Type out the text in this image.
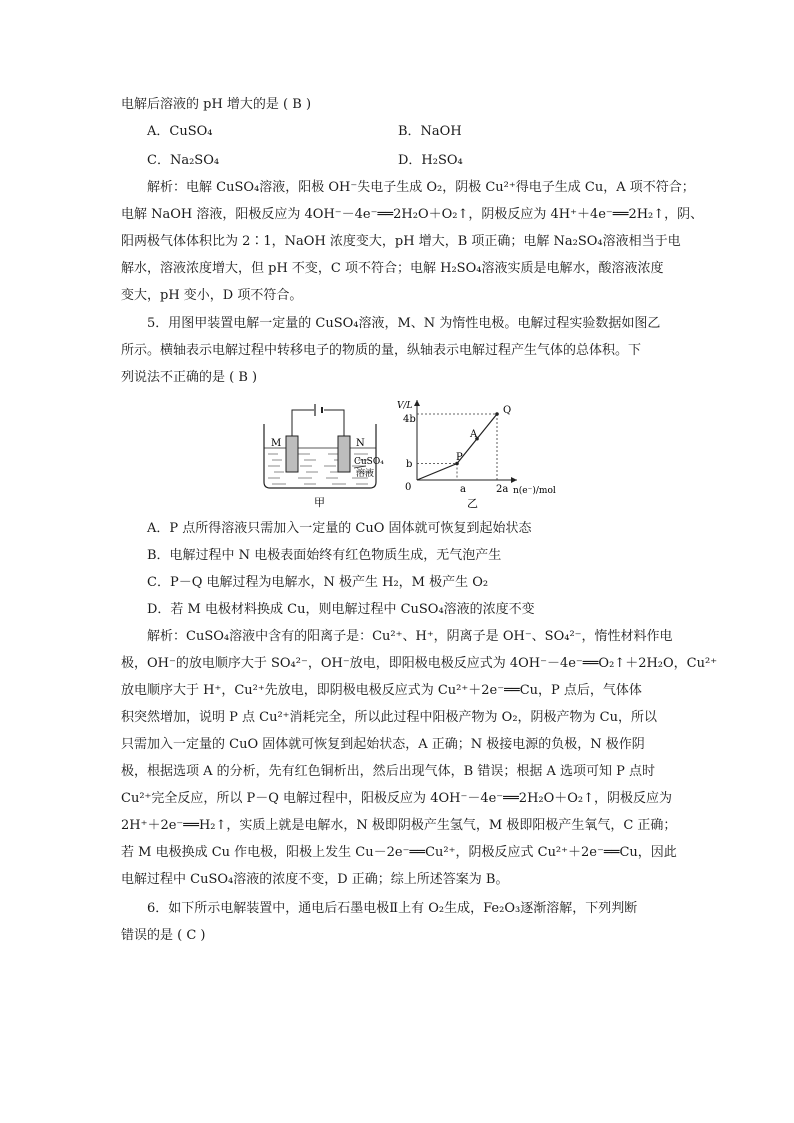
电解后溶液的 pH 增大的是 ( B )
A．CuSO₄	B．NaOH
C．Na₂SO₄	D．H₂SO₄
解析：电解 CuSO₄溶液，阳极 OH⁻失电子生成 O₂，阴极 Cu²⁺得电子生成 Cu，A 项不符合；
电解 NaOH 溶液，阳极反应为 4OH⁻－4e⁻══2H₂O＋O₂↑，阴极反应为 4H⁺＋4e⁻══2H₂↑，阴、
阳两极气体体积比为 2∶1，NaOH 浓度变大，pH 增大，B 项正确；电解 Na₂SO₄溶液相当于电
解水，溶液浓度增大，但 pH 不变，C 项不符合；电解 H₂SO₄溶液实质是电解水，酸溶液浓度
变大，pH 变小，D 项不符合。
5．用图甲装置电解一定量的 CuSO₄溶液，M、N 为惰性电极。电解过程实验数据如图乙
所示。横轴表示电解过程中转移电子的物质的量，纵轴表示电解过程产生气体的总体积。下
列说法不正确的是 ( B )
M	N
CuSO₄
溶液
甲
V/L
n(e⁻)/mol
0
4b
b
a	2a
P
A
Q
乙
A．P 点所得溶液只需加入一定量的 CuO 固体就可恢复到起始状态
B．电解过程中 N 电极表面始终有红色物质生成，无气泡产生
C．P－Q 电解过程为电解水，N 极产生 H₂，M 极产生 O₂
D．若 M 电极材料换成 Cu，则电解过程中 CuSO₄溶液的浓度不变
解析：CuSO₄溶液中含有的阳离子是：Cu²⁺、H⁺，阴离子是 OH⁻、SO₄²⁻，惰性材料作电
极，OH⁻的放电顺序大于 SO₄²⁻，OH⁻放电，即阳极电极反应式为 4OH⁻－4e⁻══O₂↑＋2H₂O，Cu²⁺
放电顺序大于 H⁺，Cu²⁺先放电，即阴极电极反应式为 Cu²⁺＋2e⁻══Cu，P 点后，气体体
积突然增加，说明 P 点 Cu²⁺消耗完全，所以此过程中阳极产物为 O₂，阴极产物为 Cu，所以
只需加入一定量的 CuO 固体就可恢复到起始状态，A 正确；N 极接电源的负极，N 极作阴
极，根据选项 A 的分析，先有红色铜析出，然后出现气体，B 错误；根据 A 选项可知 P 点时
Cu²⁺完全反应，所以 P－Q 电解过程中，阳极反应为 4OH⁻－4e⁻══2H₂O＋O₂↑，阴极反应为
2H⁺＋2e⁻══H₂↑，实质上就是电解水，N 极即阴极产生氢气，M 极即阳极产生氧气，C 正确；
若 M 电极换成 Cu 作电极，阳极上发生 Cu－2e⁻══Cu²⁺，阴极反应式 Cu²⁺＋2e⁻══Cu，因此
电解过程中 CuSO₄溶液的浓度不变，D 正确；综上所述答案为 B。
6．如下所示电解装置中，通电后石墨电极Ⅱ上有 O₂生成，Fe₂O₃逐渐溶解，下列判断
错误的是 ( C )
